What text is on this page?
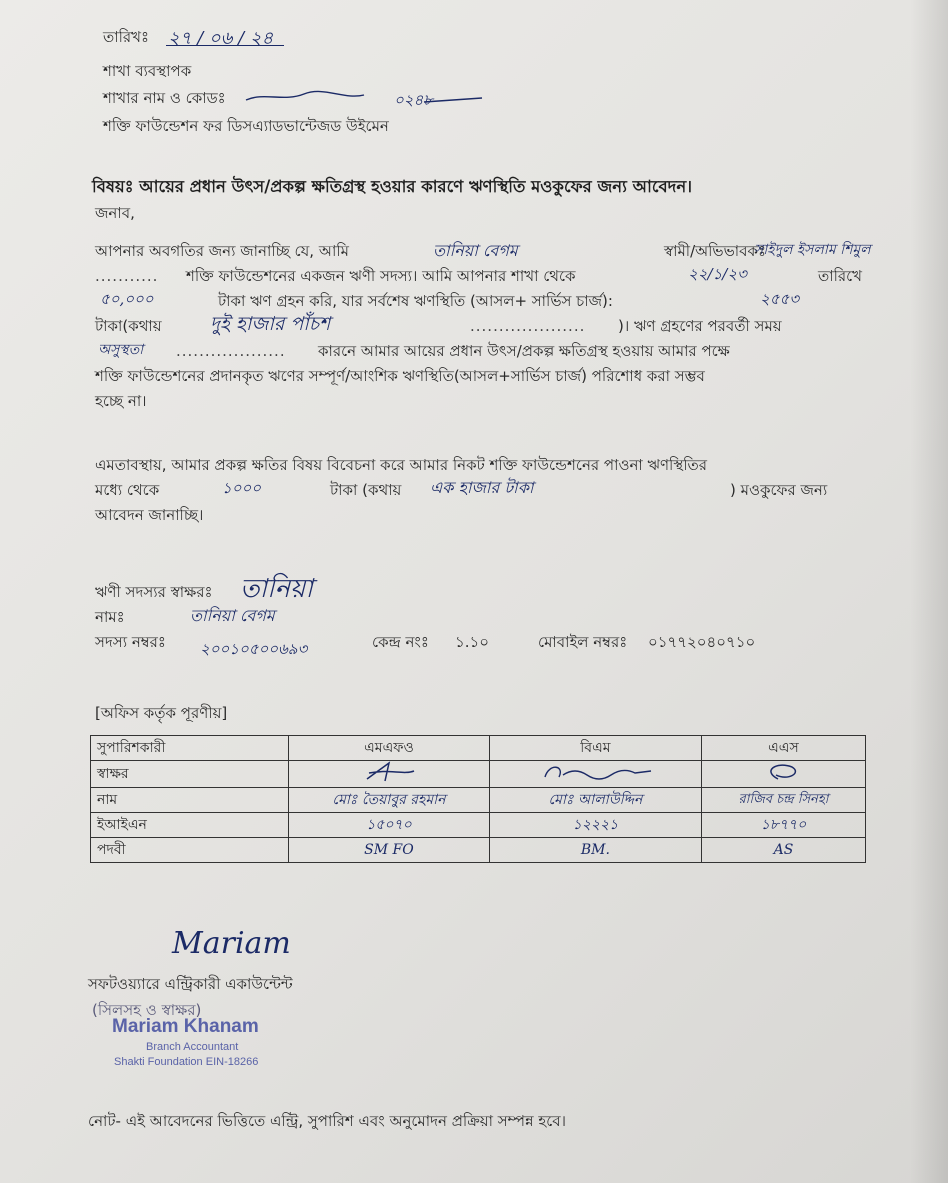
তারিখঃ ২৭ / ০৬ / ২৪
শাখা ব্যবস্থাপক
শাখার নাম ও কোডঃ	০২৪৮
শক্তি ফাউন্ডেশন ফর ডিসএ্যাডভান্টেজড উইমেন
বিষয়ঃ আয়ের প্রধান উৎস/প্রকল্প ক্ষতিগ্রস্থ হওয়ার কারণে ঋণস্থিতি মওকুফের জন্য আবেদন।
জনাব,
আপনার অবগতির জন্য জানাচ্ছি যে, আমি	তানিয়া বেগম	স্বামী/অভিভাবকঃ
সাইদুল ইসলাম শিমুল
........... শক্তি ফাউন্ডেশনের একজন ঋণী সদস্য। আমি আপনার শাখা থেকে	২২/১/২৩	তারিখে
৫০,০০০	টাকা ঋণ গ্রহন করি, যার সর্বশেষ ঋণস্থিতি (আসল+ সার্ভিস চার্জ):	২৫৫৩
টাকা(কথায়	দুই হাজার পাঁচশ	.................... )। ঋণ গ্রহণের পরবর্তী সময়
অসুস্থতা ................... কারনে আমার আয়ের প্রধান উৎস/প্রকল্প ক্ষতিগ্রস্থ হওয়ায় আমার পক্ষে
শক্তি ফাউন্ডেশনের প্রদানকৃত ঋণের সম্পূর্ণ/আংশিক ঋণস্থিতি(আসল+সার্ভিস চার্জ) পরিশোধ করা সম্ভব
হচ্ছে না।
এমতাবস্থায়, আমার প্রকল্প ক্ষতির বিষয় বিবেচনা করে আমার নিকট শক্তি ফাউন্ডেশনের পাওনা ঋণস্থিতির
মধ্যে থেকে	১০০০	টাকা (কথায় এক হাজার টাকা	) মওকুফের জন্য
আবেদন জানাচ্ছি।
ঋণী সদস্যর স্বাক্ষরঃ তানিয়া
নামঃ	তানিয়া বেগম
সদস্য নম্বরঃ ২০০১০৫০০৬৯৩	কেন্দ্র নংঃ ১.১০	মোবাইল নম্বরঃ ০১৭৭২০৪০৭১০
[অফিস কর্তৃক পূরণীয়]
সুপারিশকারী	এমএফও	বিএম	এএস
স্বাক্ষর			
নাম	মোঃ তৈয়াবুর রহমান	মোঃ আলাউদ্দিন	রাজিব চন্দ্র সিনহা
ইআইএন	১৫০৭০	১২২২১	১৮৭৭০
পদবী	SM FO	BM.	AS
Mariam
সফটওয়্যারে এন্ট্রিকারী একাউন্টেন্ট
(সিলসহ ও স্বাক্ষর)
Mariam Khanam
Branch Accountant
Shakti Foundation EIN-18266
নোট- এই আবেদনের ভিত্তিতে এন্ট্রি, সুপারিশ এবং অনুমোদন প্রক্রিয়া সম্পন্ন হবে।
